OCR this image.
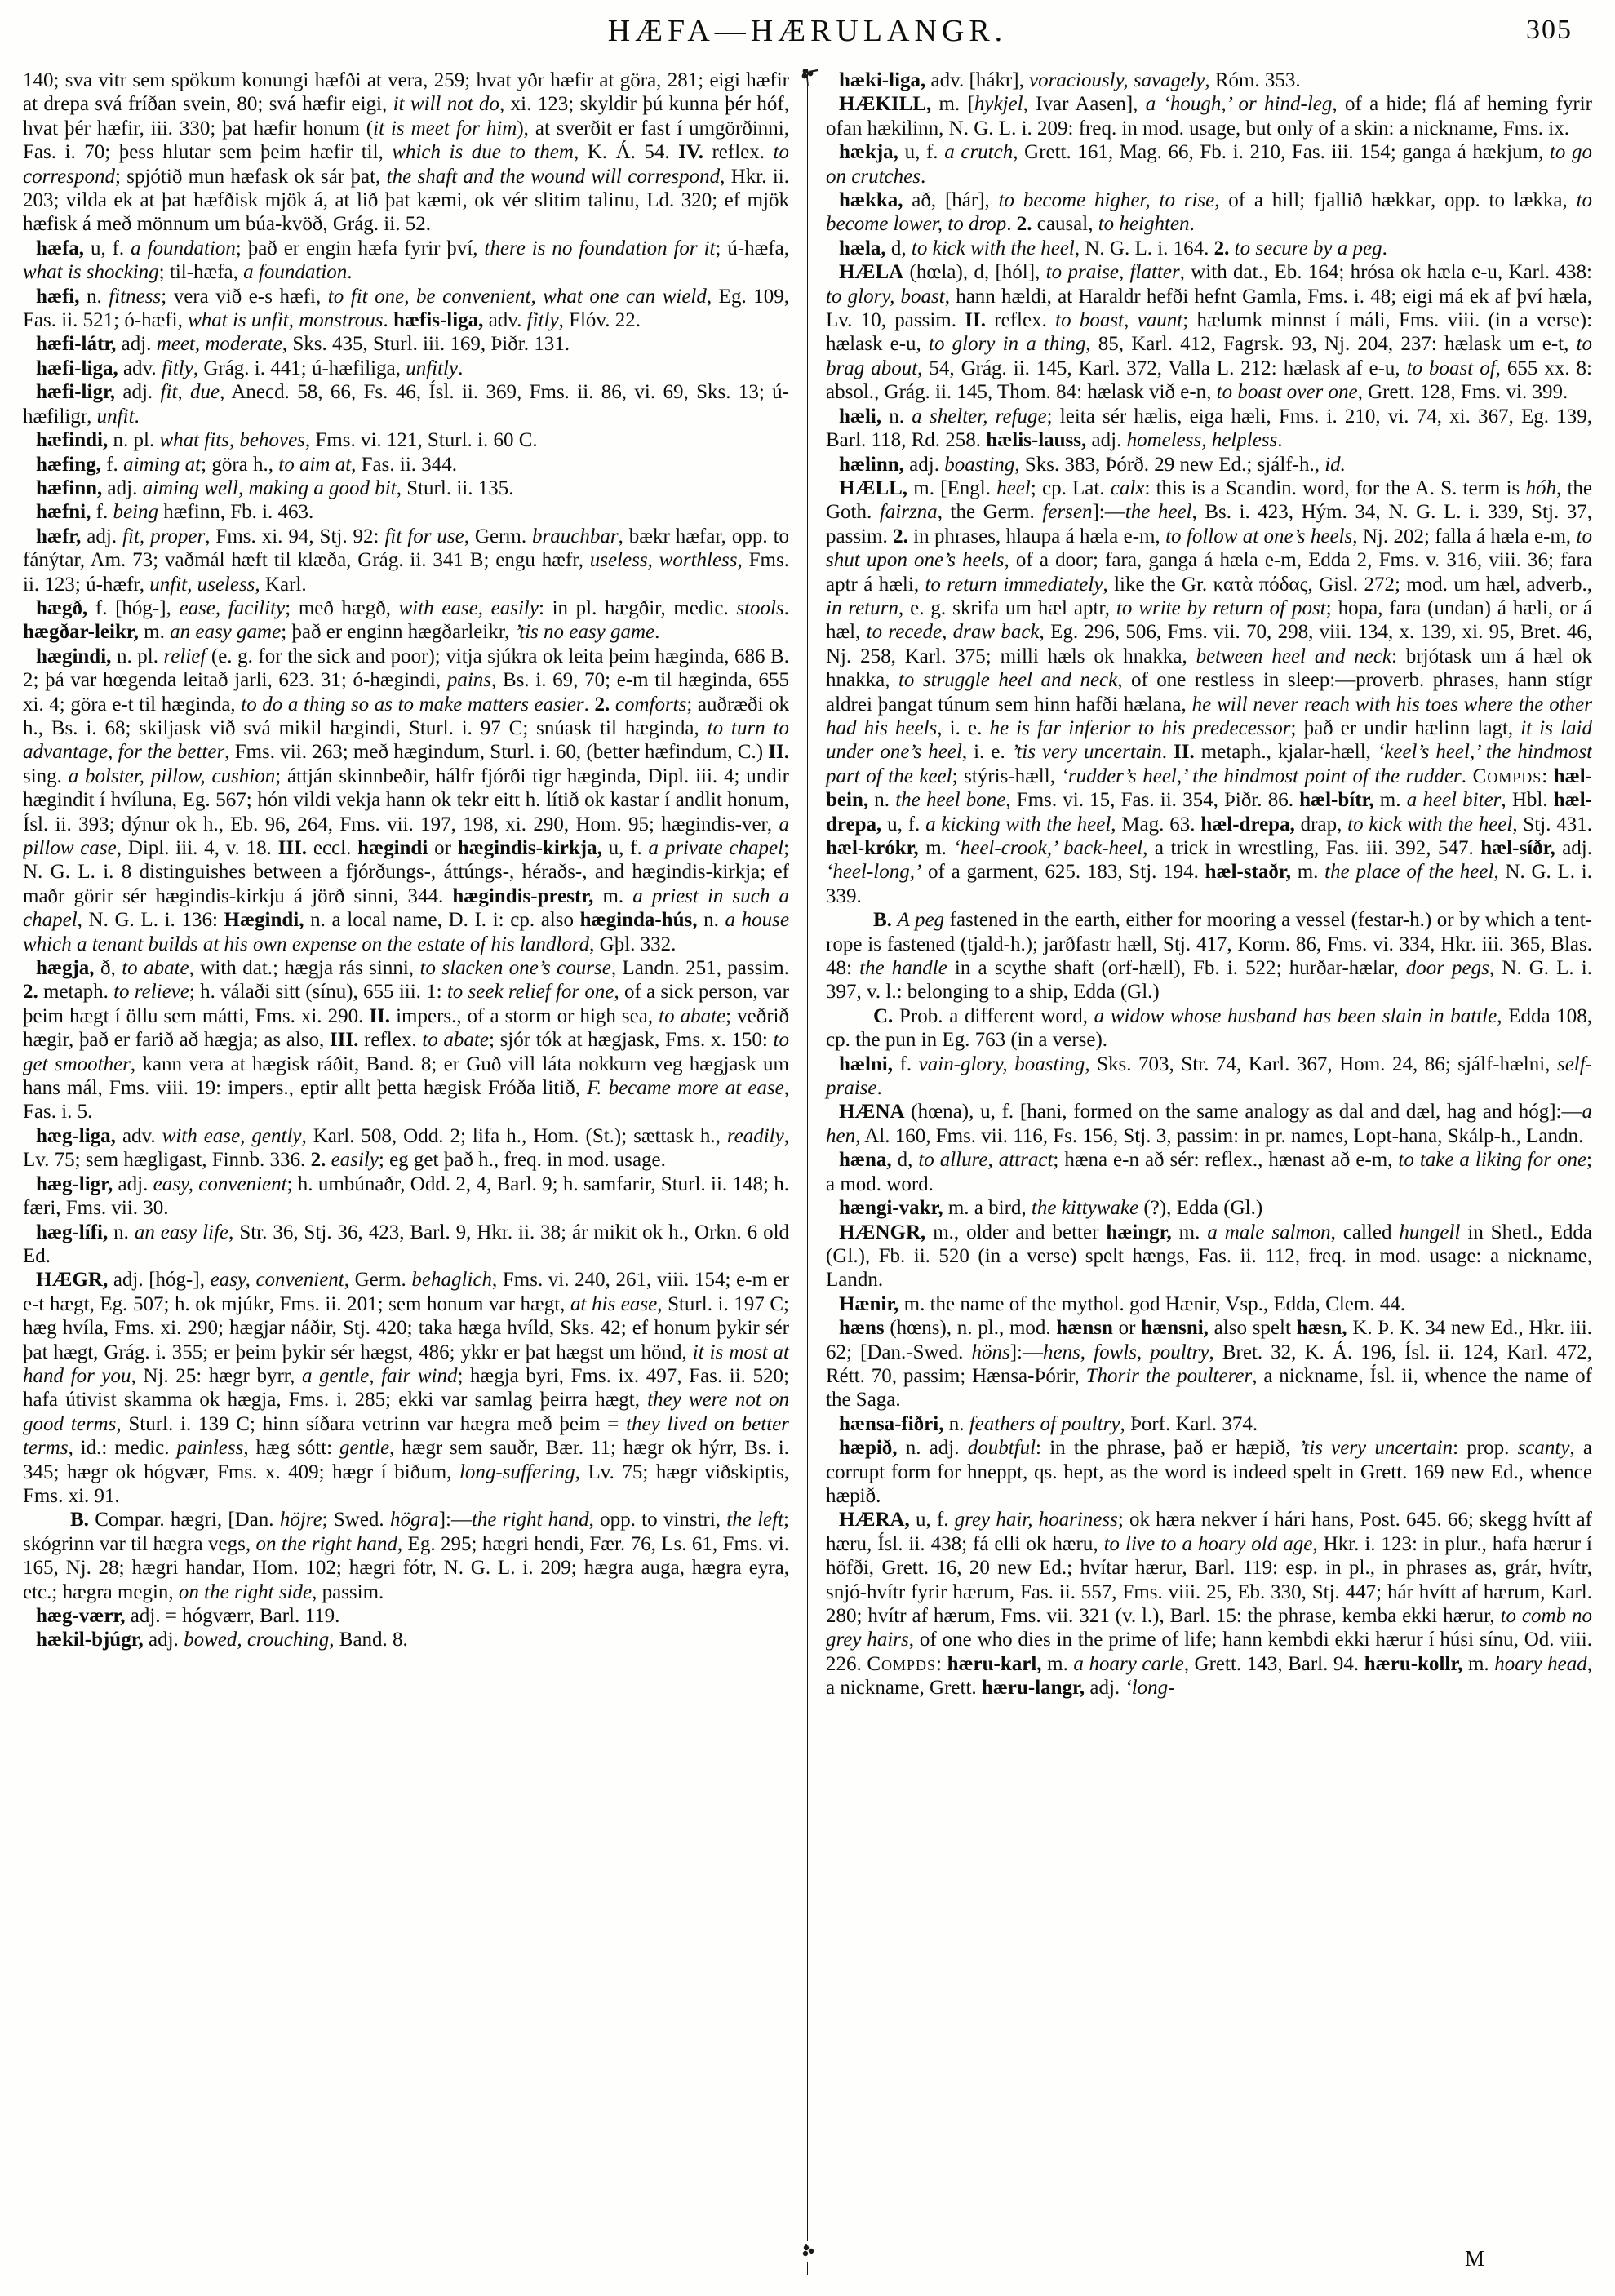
HÆFA—HÆRULANGR.	305

140; sva vitr sem spökum konungi hæfði at vera, 259; hvat yðr hæfir at göra, 281; eigi hæfir at drepa svá fríðan svein, 80; svá hæfir eigi, it will not do, xi. 123; skyldir þú kunna þér hóf, hvat þér hæfir, iii. 330; þat hæfir honum (it is meet for him), at sverðit er fast í umgörðinni, Fas. i. 70; þess hlutar sem þeim hæfir til, which is due to them, K. Á. 54. IV. reflex. to correspond; spjótið mun hæfask ok sár þat, the shaft and the wound will correspond, Hkr. ii. 203; vilda ek at þat hæfðisk mjök á, at lið þat kæmi, ok vér slitim talinu, Ld. 320; ef mjök hæfisk á með mönnum um búa-kvöð, Grág. ii. 52.

hæfa, u, f. a foundation; það er engin hæfa fyrir því, there is no foundation for it; ú-hæfa, what is shocking; til-hæfa, a foundation.

hæfi, n. fitness; vera við e-s hæfi, to fit one, be convenient, what one can wield, Eg. 109, Fas. ii. 521; ó-hæfi, what is unfit, monstrous. hæfis-liga, adv. fitly, Flóv. 22.

hæfi-látr, adj. meet, moderate, Sks. 435, Sturl. iii. 169, Þiðr. 131.

hæfi-liga, adv. fitly, Grág. i. 441; ú-hæfiliga, unfitly.

hæfi-ligr, adj. fit, due, Anecd. 58, 66, Fs. 46, Ísl. ii. 369, Fms. ii. 86, vi. 69, Sks. 13; ú-hæfiligr, unfit.

hæfindi, n. pl. what fits, behoves, Fms. vi. 121, Sturl. i. 60 C.

hæfing, f. aiming at; göra h., to aim at, Fas. ii. 344.

hæfinn, adj. aiming well, making a good bit, Sturl. ii. 135.

hæfni, f. being hæfinn, Fb. i. 463.

hæfr, adj. fit, proper, Fms. xi. 94, Stj. 92: fit for use, Germ. brauchbar, bækr hæfar, opp. to fánýtar, Am. 73; vaðmál hæft til klæða, Grág. ii. 341 B; engu hæfr, useless, worthless, Fms. ii. 123; ú-hæfr, unfit, useless, Karl.

hægð, f. [hóg-], ease, facility; með hægð, with ease, easily: in pl. hægðir, medic. stools. hægðar-leikr, m. an easy game; það er enginn hægðarleikr, ’tis no easy game.

hægindi, n. pl. relief (e. g. for the sick and poor); vitja sjúkra ok leita þeim hæginda, 686 B. 2; þá var hœgenda leitað jarli, 623. 31; ó-hægindi, pains, Bs. i. 69, 70; e-m til hæginda, 655 xi. 4; göra e-t til hæginda, to do a thing so as to make matters easier. 2. comforts; auðræði ok h., Bs. i. 68; skiljask við svá mikil hægindi, Sturl. i. 97 C; snúask til hæginda, to turn to advantage, for the better, Fms. vii. 263; með hægindum, Sturl. i. 60, (better hæfindum, C.) II. sing. a bolster, pillow, cushion; áttján skinnbeðir, hálfr fjórði tigr hæginda, Dipl. iii. 4; undir hægindit í hvíluna, Eg. 567; hón vildi vekja hann ok tekr eitt h. lítið ok kastar í andlit honum, Ísl. ii. 393; dýnur ok h., Eb. 96, 264, Fms. vii. 197, 198, xi. 290, Hom. 95; hægindis-ver, a pillow case, Dipl. iii. 4, v. 18. III. eccl. hægindi or hægindis-kirkja, u, f. a private chapel; N. G. L. i. 8 distinguishes between a fjórðungs-, áttúngs-, héraðs-, and hægindis-kirkja; ef maðr görir sér hægindis-kirkju á jörð sinni, 344. hægindis-prestr, m. a priest in such a chapel, N. G. L. i. 136: Hægindi, n. a local name, D. I. i: cp. also hæginda-hús, n. a house which a tenant builds at his own expense on the estate of his landlord, Gþl. 332.

hægja, ð, to abate, with dat.; hægja rás sinni, to slacken one’s course, Landn. 251, passim. 2. metaph. to relieve; h. válaði sitt (sínu), 655 iii. 1: to seek relief for one, of a sick person, var þeim hægt í öllu sem mátti, Fms. xi. 290. II. impers., of a storm or high sea, to abate; veðrið hægir, það er farið að hægja; as also, III. reflex. to abate; sjór tók at hægjask, Fms. x. 150: to get smoother, kann vera at hægisk ráðit, Band. 8; er Guð vill láta nokkurn veg hægjask um hans mál, Fms. viii. 19: impers., eptir allt þetta hægisk Fróða litið, F. became more at ease, Fas. i. 5.

hæg-liga, adv. with ease, gently, Karl. 508, Odd. 2; lifa h., Hom. (St.); sættask h., readily, Lv. 75; sem hægligast, Finnb. 336. 2. easily; eg get það h., freq. in mod. usage.

hæg-ligr, adj. easy, convenient; h. umbúnaðr, Odd. 2, 4, Barl. 9; h. samfarir, Sturl. ii. 148; h. færi, Fms. vii. 30.

hæg-lífi, n. an easy life, Str. 36, Stj. 36, 423, Barl. 9, Hkr. ii. 38; ár mikit ok h., Orkn. 6 old Ed.

HÆGR, adj. [hóg-], easy, convenient, Germ. behaglich, Fms. vi. 240, 261, viii. 154; e-m er e-t hægt, Eg. 507; h. ok mjúkr, Fms. ii. 201; sem honum var hægt, at his ease, Sturl. i. 197 C; hæg hvíla, Fms. xi. 290; hægjar náðir, Stj. 420; taka hæga hvíld, Sks. 42; ef honum þykir sér þat hægt, Grág. i. 355; er þeim þykir sér hægst, 486; ykkr er þat hægst um hönd, it is most at hand for you, Nj. 25: hægr byrr, a gentle, fair wind; hægja byri, Fms. ix. 497, Fas. ii. 520; hafa útivist skamma ok hægja, Fms. i. 285; ekki var samlag þeirra hægt, they were not on good terms, Sturl. i. 139 C; hinn síðara vetrinn var hægra með þeim = they lived on better terms, id.: medic. painless, hæg sótt: gentle, hægr sem sauðr, Bær. 11; hægr ok hýrr, Bs. i. 345; hægr ok hógvær, Fms. x. 409; hægr í biðum, long-suffering, Lv. 75; hægr viðskiptis, Fms. xi. 91.

B. Compar. hægri, [Dan. höjre; Swed. högra]:—the right hand, opp. to vinstri, the left; skógrinn var til hægra vegs, on the right hand, Eg. 295; hægri hendi, Fær. 76, Ls. 61, Fms. vi. 165, Nj. 28; hægri handar, Hom. 102; hægri fótr, N. G. L. i. 209; hægra auga, hægra eyra, etc.; hægra megin, on the right side, passim.

hæg-værr, adj. = hógværr, Barl. 119.

hækil-bjúgr, adj. bowed, crouching, Band. 8.

hæki-liga, adv. [hákr], voraciously, savagely, Róm. 353.

HÆKILL, m. [hykjel, Ivar Aasen], a ‘hough,’ or hind-leg, of a hide; flá af heming fyrir ofan hækilinn, N. G. L. i. 209: freq. in mod. usage, but only of a skin: a nickname, Fms. ix.

hækja, u, f. a crutch, Grett. 161, Mag. 66, Fb. i. 210, Fas. iii. 154; ganga á hækjum, to go on crutches.

hækka, að, [hár], to become higher, to rise, of a hill; fjallið hækkar, opp. to lækka, to become lower, to drop. 2. causal, to heighten.

hæla, d, to kick with the heel, N. G. L. i. 164. 2. to secure by a peg.

HÆLA (hœla), d, [hól], to praise, flatter, with dat., Eb. 164; hrósa ok hæla e-u, Karl. 438: to glory, boast, hann hældi, at Haraldr hefði hefnt Gamla, Fms. i. 48; eigi má ek af því hæla, Lv. 10, passim. II. reflex. to boast, vaunt; hælumk minnst í máli, Fms. viii. (in a verse): hælask e-u, to glory in a thing, 85, Karl. 412, Fagrsk. 93, Nj. 204, 237: hælask um e-t, to brag about, 54, Grág. ii. 145, Karl. 372, Valla L. 212: hælask af e-u, to boast of, 655 xx. 8: absol., Grág. ii. 145, Thom. 84: hælask við e-n, to boast over one, Grett. 128, Fms. vi. 399.

hæli, n. a shelter, refuge; leita sér hælis, eiga hæli, Fms. i. 210, vi. 74, xi. 367, Eg. 139, Barl. 118, Rd. 258. hælis-lauss, adj. homeless, helpless.

hælinn, adj. boasting, Sks. 383, Þórð. 29 new Ed.; sjálf-h., id.

HÆLL, m. [Engl. heel; cp. Lat. calx: this is a Scandin. word, for the A. S. term is hóh, the Goth. fairzna, the Germ. fersen]:—the heel, Bs. i. 423, Hým. 34, N. G. L. i. 339, Stj. 37, passim. 2. in phrases, hlaupa á hæla e-m, to follow at one’s heels, Nj. 202; falla á hæla e-m, to shut upon one’s heels, of a door; fara, ganga á hæla e-m, Edda 2, Fms. v. 316, viii. 36; fara aptr á hæli, to return immediately, like the Gr. κατὰ πόδας, Gisl. 272; mod. um hæl, adverb., in return, e. g. skrifa um hæl aptr, to write by return of post; hopa, fara (undan) á hæli, or á hæl, to recede, draw back, Eg. 296, 506, Fms. vii. 70, 298, viii. 134, x. 139, xi. 95, Bret. 46, Nj. 258, Karl. 375; milli hæls ok hnakka, between heel and neck: brjótask um á hæl ok hnakka, to struggle heel and neck, of one restless in sleep:—proverb. phrases, hann stígr aldrei þangat túnum sem hinn hafði hælana, he will never reach with his toes where the other had his heels, i. e. he is far inferior to his predecessor; það er undir hælinn lagt, it is laid under one’s heel, i. e. ’tis very uncertain. II. metaph., kjalar-hæll, ‘keel’s heel,’ the hindmost part of the keel; stýris-hæll, ‘rudder’s heel,’ the hindmost point of the rudder. Compds: hæl-bein, n. the heel bone, Fms. vi. 15, Fas. ii. 354, Þiðr. 86. hæl-bítr, m. a heel biter, Hbl. hæl-drepa, u, f. a kicking with the heel, Mag. 63. hæl-drepa, drap, to kick with the heel, Stj. 431. hæl-krókr, m. ‘heel-crook,’ back-heel, a trick in wrestling, Fas. iii. 392, 547. hæl-síðr, adj. ‘heel-long,’ of a garment, 625. 183, Stj. 194. hæl-staðr, m. the place of the heel, N. G. L. i. 339.

B. A peg fastened in the earth, either for mooring a vessel (festar-h.) or by which a tent-rope is fastened (tjald-h.); jarðfastr hæll, Stj. 417, Korm. 86, Fms. vi. 334, Hkr. iii. 365, Blas. 48: the handle in a scythe shaft (orf-hæll), Fb. i. 522; hurðar-hælar, door pegs, N. G. L. i. 397, v. l.: belonging to a ship, Edda (Gl.)

C. Prob. a different word, a widow whose husband has been slain in battle, Edda 108, cp. the pun in Eg. 763 (in a verse).

hælni, f. vain-glory, boasting, Sks. 703, Str. 74, Karl. 367, Hom. 24, 86; sjálf-hælni, self-praise.

HÆNA (hœna), u, f. [hani, formed on the same analogy as dal and dæl, hag and hóg]:—a hen, Al. 160, Fms. vii. 116, Fs. 156, Stj. 3, passim: in pr. names, Lopt-hana, Skálp-h., Landn.

hæna, d, to allure, attract; hæna e-n að sér: reflex., hænast að e-m, to take a liking for one; a mod. word.

hængi-vakr, m. a bird, the kittywake (?), Edda (Gl.)

HÆNGR, m., older and better hæingr, m. a male salmon, called hungell in Shetl., Edda (Gl.), Fb. ii. 520 (in a verse) spelt hængs, Fas. ii. 112, freq. in mod. usage: a nickname, Landn.

Hænir, m. the name of the mythol. god Hænir, Vsp., Edda, Clem. 44.

hæns (hœns), n. pl., mod. hænsn or hænsni, also spelt hæsn, K. Þ. K. 34 new Ed., Hkr. iii. 62; [Dan.-Swed. höns]:—hens, fowls, poultry, Bret. 32, K. Á. 196, Ísl. ii. 124, Karl. 472, Rétt. 70, passim; Hænsa-Þórir, Thorir the poulterer, a nickname, Ísl. ii, whence the name of the Saga.

hænsa-fiðri, n. feathers of poultry, Þorf. Karl. 374.

hæpið, n. adj. doubtful: in the phrase, það er hæpið, ’tis very uncertain: prop. scanty, a corrupt form for hneppt, qs. hept, as the word is indeed spelt in Grett. 169 new Ed., whence hæpið.

HÆRA, u, f. grey hair, hoariness; ok hæra nekver í hári hans, Post. 645. 66; skegg hvítt af hæru, Ísl. ii. 438; fá elli ok hæru, to live to a hoary old age, Hkr. i. 123: in plur., hafa hærur í höfði, Grett. 16, 20 new Ed.; hvítar hærur, Barl. 119: esp. in pl., in phrases as, grár, hvítr, snjó-hvítr fyrir hærum, Fas. ii. 557, Fms. viii. 25, Eb. 330, Stj. 447; hár hvítt af hærum, Karl. 280; hvítr af hærum, Fms. vii. 321 (v. l.), Barl. 15: the phrase, kemba ekki hærur, to comb no grey hairs, of one who dies in the prime of life; hann kembdi ekki hærur í húsi sínu, Od. viii. 226. Compds: hæru-karl, m. a hoary carle, Grett. 143, Barl. 94. hæru-kollr, m. hoary head, a nickname, Grett. hæru-langr, adj. ‘long-

M
